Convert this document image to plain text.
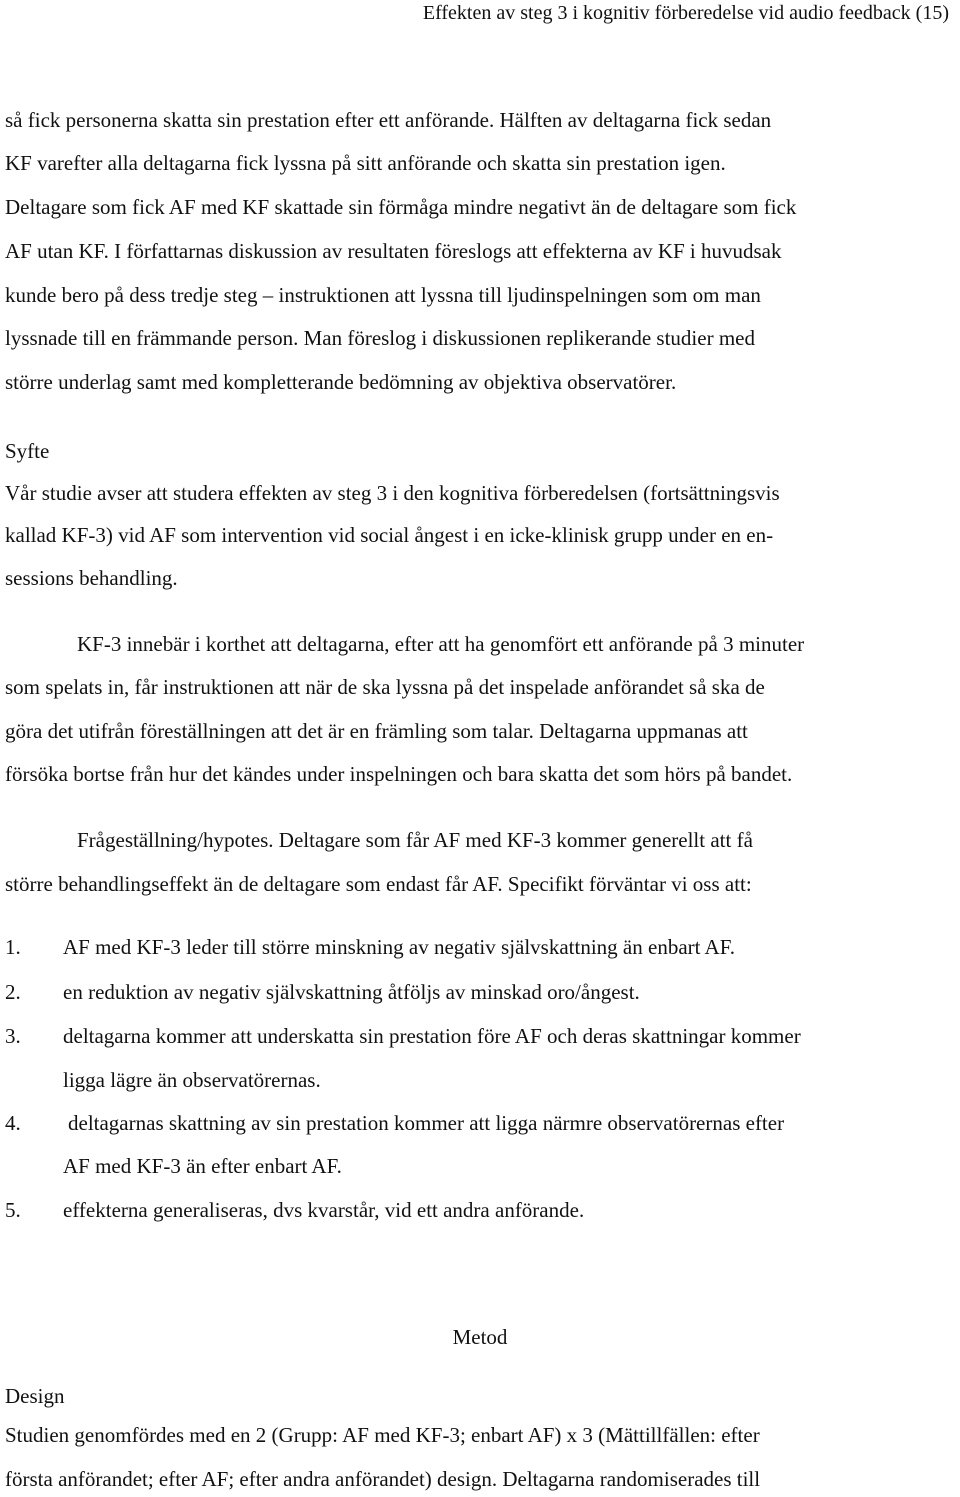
Effekten av steg 3 i kognitiv förberedelse vid audio feedback (15)
så fick personerna skatta sin prestation efter ett anförande. Hälften av deltagarna fick sedan
KF varefter alla deltagarna fick lyssna på sitt anförande och skatta sin prestation igen.
Deltagare som fick AF med KF skattade sin förmåga mindre negativt än de deltagare som fick
AF utan KF. I författarnas diskussion av resultaten föreslogs att effekterna av KF i huvudsak
kunde bero på dess tredje steg – instruktionen att lyssna till ljudinspelningen som om man
lyssnade till en främmande person. Man föreslog i diskussionen replikerande studier med
större underlag samt med kompletterande bedömning av objektiva observatörer.
Syfte
Vår studie avser att studera effekten av steg 3 i den kognitiva förberedelsen (fortsättningsvis
kallad KF-3) vid AF som intervention vid social ångest i en icke-klinisk grupp under en en-
sessions behandling.
KF-3 innebär i korthet att deltagarna, efter att ha genomfört ett anförande på 3 minuter
som spelats in, får instruktionen att när de ska lyssna på det inspelade anförandet så ska de
göra det utifrån föreställningen att det är en främling som talar. Deltagarna uppmanas att
försöka bortse från hur det kändes under inspelningen och bara skatta det som hörs på bandet.
Frågeställning/hypotes. Deltagare som får AF med KF-3 kommer generellt att få
större behandlingseffekt än de deltagare som endast får AF. Specifikt förväntar vi oss att:
1. AF med KF-3 leder till större minskning av negativ självskattning än enbart AF.
2. en reduktion av negativ självskattning åtföljs av minskad oro/ångest.
3. deltagarna kommer att underskatta sin prestation före AF och deras skattningar kommer
ligga lägre än observatörernas.
4. deltagarnas skattning av sin prestation kommer att ligga närmre observatörernas efter
AF med KF-3 än efter enbart AF.
5. effekterna generaliseras, dvs kvarstår, vid ett andra anförande.
Metod
Design
Studien genomfördes med en 2 (Grupp: AF med KF-3; enbart AF) x 3 (Mättillfällen: efter
första anförandet; efter AF; efter andra anförandet) design. Deltagarna randomiserades till
